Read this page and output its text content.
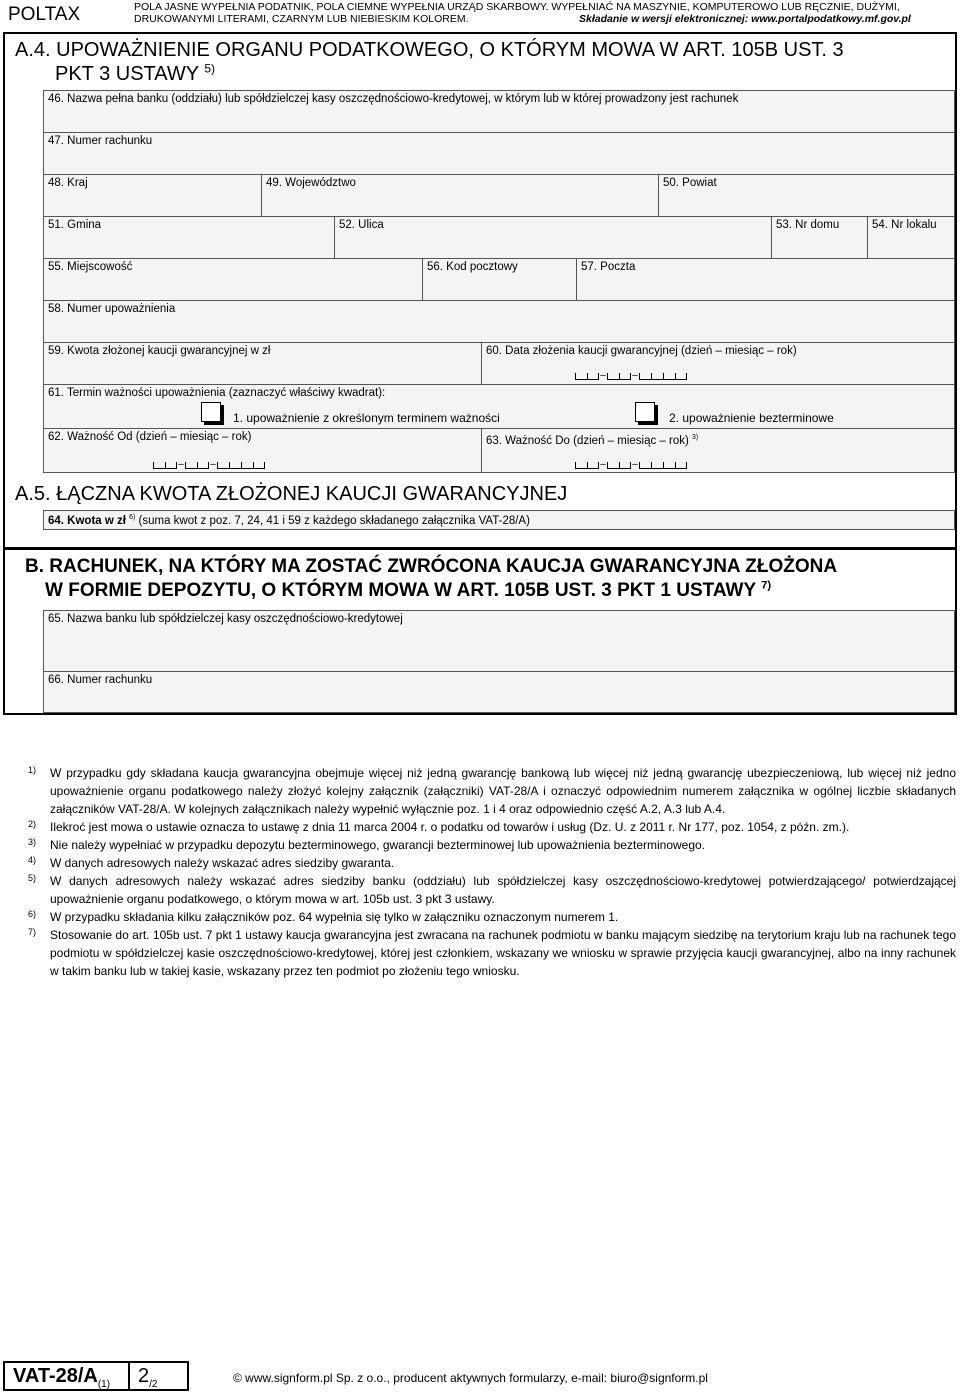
POLTAX	POLA JASNE WYPEŁNIA PODATNIK, POLA CIEMNE WYPEŁNIA URZĄD SKARBOWY. WYPEŁNIAĆ NA MASZYNIE, KOMPUTEROWO LUB RĘCZNIE, DUŻYMI,
DRUKOWANYMI LITERAMI, CZARNYM LUB NIEBIESKIM KOLOREM.	Składanie w wersji elektronicznej: www.portalpodatkowy.mf.gov.pl
A.4. UPOWAŻNIENIE ORGANU PODATKOWEGO, O KTÓRYM MOWA W ART. 105B UST. 3
PKT 3 USTAWY $^{5)}$
46. Nazwa pełna banku (oddziału) lub spółdzielczej kasy oszczędnościowo-kredytowej, w którym lub w której prowadzony jest rachunek
47. Numer rachunku
48. Kraj	49. Województwo	50. Powiat
51. Gmina	52. Ulica	53. Nr domu	54. Nr lokalu
55. Miejscowość	56. Kod pocztowy	57. Poczta
58. Numer upoważnienia
59. Kwota złożonej kaucji gwarancyjnej w zł	60. Data złożenia kaucji gwarancyjnej (dzień – miesiąc – rok)
61. Termin ważności upoważnienia (zaznaczyć właściwy kwadrat):
1. upoważnienie z określonym terminem ważności	2. upoważnienie bezterminowe
62. Ważność Od (dzień – miesiąc – rok)	63. Ważność Do (dzień – miesiąc – rok) $^{3)}$
–	–
–	–	–	–
A.5. ŁĄCZNA KWOTA ZŁOŻONEJ KAUCJI GWARANCYJNEJ
64. Kwota w zł $^{6)}$ (suma kwot z poz. 7, 24, 41 i 59 z każdego składanego załącznika VAT-28/A)
B. RACHUNEK, NA KTÓRY MA ZOSTAĆ ZWRÓCONA KAUCJA GWARANCYJNA ZŁOŻONA
W FORMIE DEPOZYTU, O KTÓRYM MOWA W ART. 105B UST. 3 PKT 1 USTAWY $^{7)}$
65. Nazwa banku lub spółdzielczej kasy oszczędnościowo-kredytowej
66. Numer rachunku
1) W przypadku gdy składana kaucja gwarancyjna obejmuje więcej niż jedną gwarancję bankową lub więcej niż jedną gwarancję ubezpieczeniową, lub więcej niż jedno upoważnienie organu podatkowego należy złożyć kolejny załącznik (załączniki) VAT-28/A i oznaczyć odpowiednim numerem załącznika w ogólnej liczbie składanych załączników VAT-28/A. W kolejnych załącznikach należy wypełnić wyłącznie poz. 1 i 4 oraz odpowiednio część A.2, A.3 lub A.4.
2) Ilekroć jest mowa o ustawie oznacza to ustawę z dnia 11 marca 2004 r. o podatku od towarów i usług (Dz. U. z 2011 r. Nr 177, poz. 1054, z późn. zm.).
3) Nie należy wypełniać w przypadku depozytu bezterminowego, gwarancji bezterminowej lub upoważnienia bezterminowego.
4) W danych adresowych należy wskazać adres siedziby gwaranta.
5) W danych adresowych należy wskazać adres siedziby banku (oddziału) lub spółdzielczej kasy oszczędnościowo-kredytowej potwierdzającego/ potwierdzającej upoważnienie organu podatkowego, o którym mowa w art. 105b ust. 3 pkt 3 ustawy.
6) W przypadku składania kilku załączników poz. 64 wypełnia się tylko w załączniku oznaczonym numerem 1.
7) Stosowanie do art. 105b ust. 7 pkt 1 ustawy kaucja gwarancyjna jest zwracana na rachunek podmiotu w banku mającym siedzibę na terytorium kraju lub na rachunek tego podmiotu w spółdzielczej kasie oszczędnościowo-kredytowej, której jest członkiem, wskazany we wniosku w sprawie przyjęcia kaucji gwarancyjnej, albo na inny rachunek w takim banku lub w takiej kasie, wskazany przez ten podmiot po złożeniu tego wniosku.
VAT-$28/A_{(1)}$	$2_{/2}$	© www.signform.pl Sp. z o.o., producent aktywnych formularzy, e-mail: biuro@signform.pl
